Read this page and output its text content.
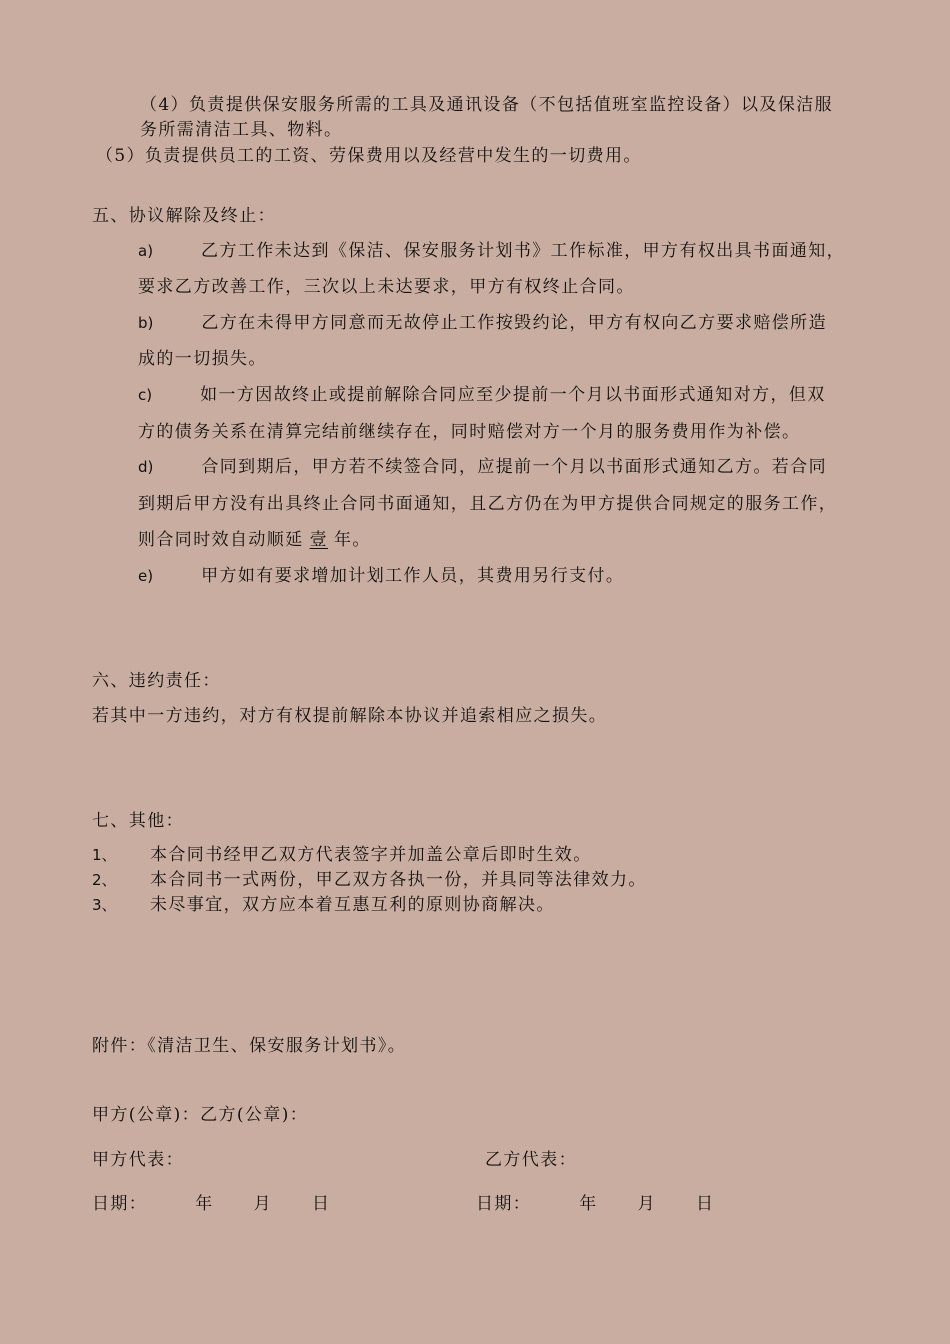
（4）负责提供保安服务所需的工具及通讯设备（不包括值班室监控设备）以及保洁服
务所需清洁工具、物料。
（5）负责提供员工的工资、劳保费用以及经营中发生的一切费用。
五、协议解除及终止：
a)	乙方工作未达到《保洁、保安服务计划书》工作标准，甲方有权出具书面通知，
要求乙方改善工作，三次以上未达要求，甲方有权终止合同。
b)	乙方在未得甲方同意而无故停止工作按毁约论，甲方有权向乙方要求赔偿所造
成的一切损失。
c)	如一方因故终止或提前解除合同应至少提前一个月以书面形式通知对方，但双
方的债务关系在清算完结前继续存在，同时赔偿对方一个月的服务费用作为补偿。
d)	合同到期后，甲方若不续签合同，应提前一个月以书面形式通知乙方。若合同
到期后甲方没有出具终止合同书面通知，且乙方仍在为甲方提供合同规定的服务工作，
则合同时效自动顺延 壹 年。
e)	甲方如有要求增加计划工作人员，其费用另行支付。
六、违约责任：
若其中一方违约，对方有权提前解除本协议并追索相应之损失。
七、其他：
1、 本合同书经甲乙双方代表签字并加盖公章后即时生效。
2、 本合同书一式两份，甲乙双方各执一份，并具同等法律效力。
3、 未尽事宜，双方应本着互惠互利的原则协商解决。
附件：《清洁卫生、保安服务计划书》。
甲方(公章)：乙方(公章)：
甲方代表：	乙方代表：
日期：	年 月 日	日期：	年 月 日
